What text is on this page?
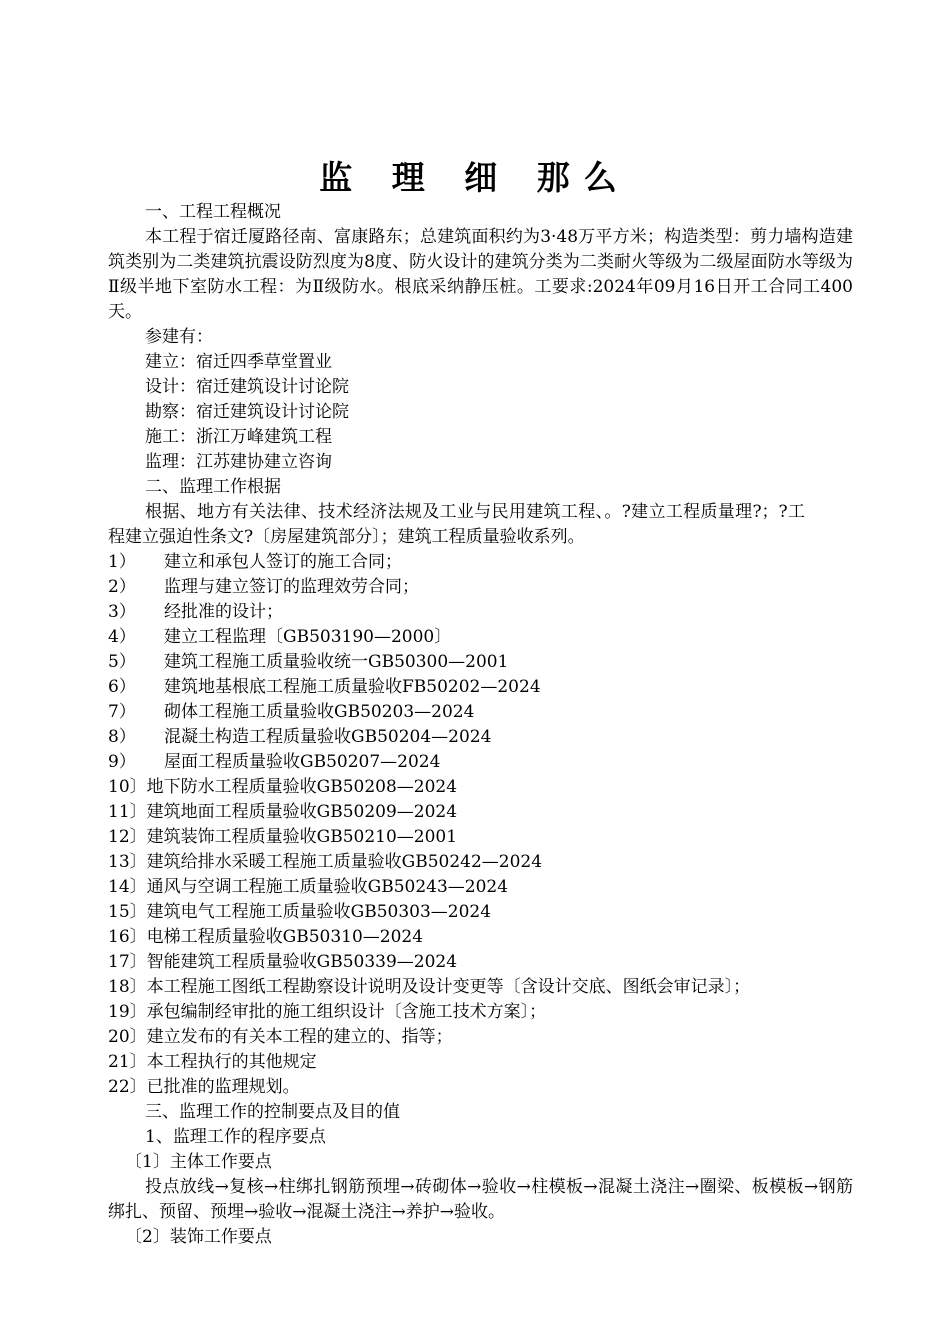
监 理 细 那么

一、工程工程概况

本工程于宿迁厦路径南、富康路东；总建筑面积约为3·48万平方米；构造类型：剪力墙构造建筑类别为二类建筑抗震设防烈度为8度、防火设计的建筑分类为二类耐火等级为二级屋面防水等级为Ⅱ级半地下室防水工程：为Ⅱ级防水。根底采纳静压桩。工要求:2024年09月16日开工合同工400天。

参建有：

建立：宿迁四季草堂置业

设计：宿迁建筑设计讨论院

勘察：宿迁建筑设计讨论院

施工：浙江万峰建筑工程

监理：江苏建协建立咨询

二、监理工作根据

根据、地方有关法律、技术经济法规及工业与民用建筑工程、。?建立工程质量理?；?工程建立强迫性条文?〔房屋建筑部分〕；建筑工程质量验收系列。

1） 建立和承包人签订的施工合同；

2） 监理与建立签订的监理效劳合同；

3） 经批准的设计；

4） 建立工程监理〔GB503190—2000〕

5） 建筑工程施工质量验收统一GB50300—2001

6） 建筑地基根底工程施工质量验收FB50202—2024

7） 砌体工程施工质量验收GB50203—2024

8） 混凝土构造工程质量验收GB50204—2024

9） 屋面工程质量验收GB50207—2024

10〕地下防水工程质量验收GB50208—2024

11〕建筑地面工程质量验收GB50209—2024

12〕建筑装饰工程质量验收GB50210—2001

13〕建筑给排水采暖工程施工质量验收GB50242—2024

14〕通风与空调工程施工质量验收GB50243—2024

15〕建筑电气工程施工质量验收GB50303—2024

16〕电梯工程质量验收GB50310—2024

17〕智能建筑工程质量验收GB50339—2024

18〕本工程施工图纸工程勘察设计说明及设计变更等〔含设计交底、图纸会审记录〕；

19〕承包编制经审批的施工组织设计〔含施工技术方案〕；

20〕建立发布的有关本工程的建立的、指等；

21〕本工程执行的其他规定

22〕已批准的监理规划。

三、监理工作的控制要点及目的值

1、监理工作的程序要点

〔1〕主体工作要点

投点放线→复核→柱绑扎钢筋预埋→砖砌体→验收→柱模板→混凝土浇注→圈梁、板模板→钢筋绑扎、预留、预埋→验收→混凝土浇注→养护→验收。

〔2〕装饰工作要点
